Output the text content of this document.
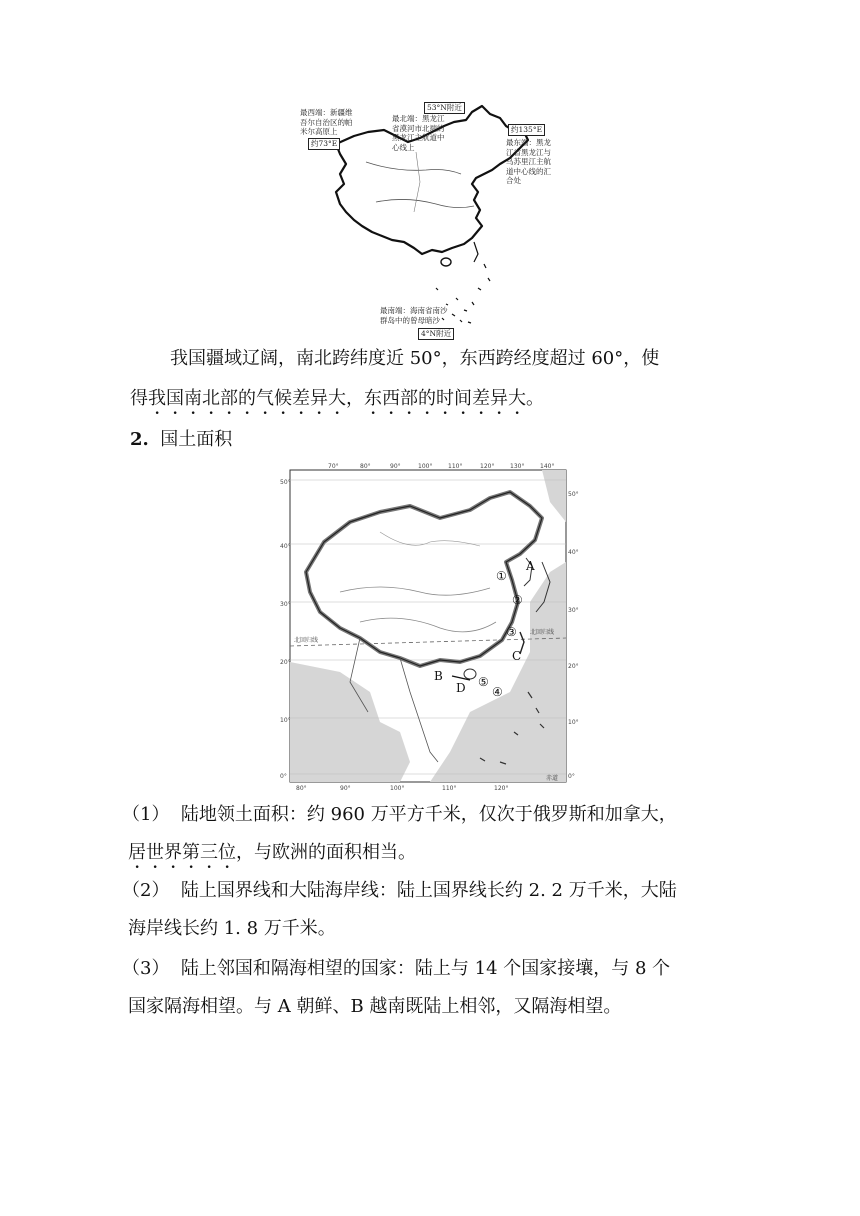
最西端：新疆维
吾尔自治区的帕
米尔高原上
约73°E
53°N附近
最北端：黑龙江
省漠河市北端的
黑龙江主航道中
心线上
约135°E
最东端：黑龙
江省黑龙江与
乌苏里江主航
道中心线的汇
合处
最南端：海南省南沙
群岛中的曾母暗沙
4°N附近

我国疆域辽阔，南北跨纬度近 50°，东西跨经度超过 60°，使

得我国南北部的气候差异大，东西部的时间差异大。

2. 国土面积

70°	80°	90°	100°	110°	120°	130°	140°
80°	90°	100°	110°	120°
50°
40°
30°
20°
10°
0°
50°
40°
30°
20°
10°
0°
北回归线
北回归线
赤道
①
A
②
③
C
B
D ⑤
④

（1） 陆地领土面积：约 960 万平方千米，仅次于俄罗斯和加拿大，

居世界第三位，与欧洲的面积相当。

（2） 陆上国界线和大陆海岸线：陆上国界线长约 2. 2 万千米，大陆

海岸线长约 1. 8 万千米。

（3） 陆上邻国和隔海相望的国家：陆上与 14 个国家接壤，与 8 个

国家隔海相望。与 A 朝鲜、B 越南既陆上相邻，又隔海相望。
